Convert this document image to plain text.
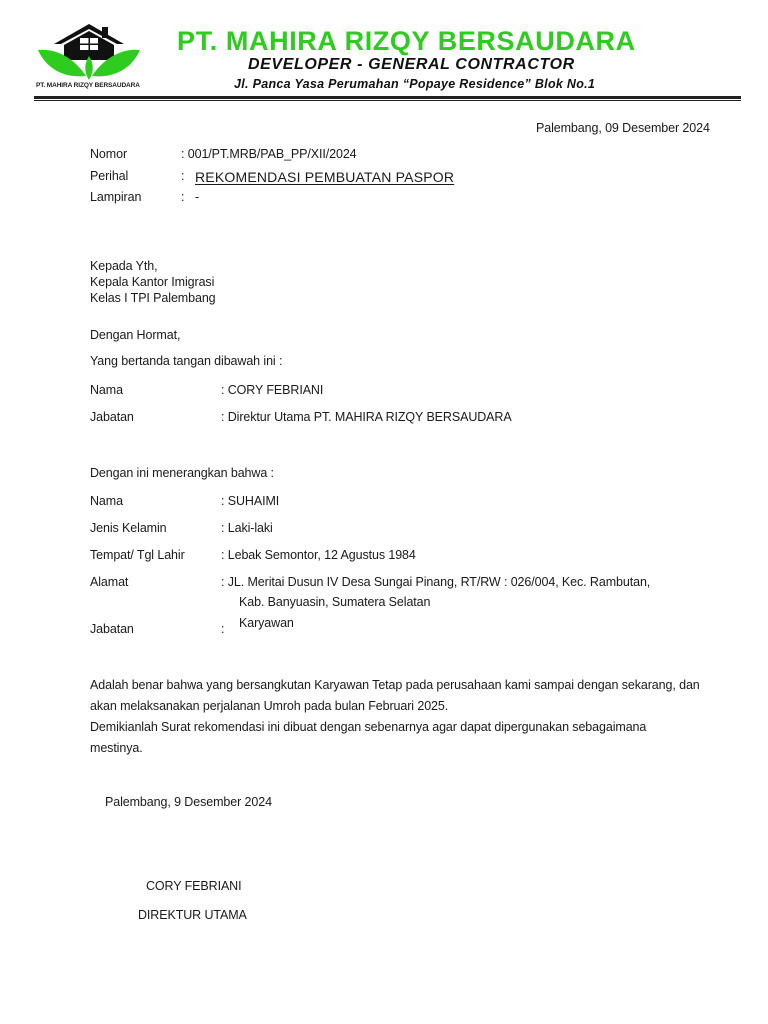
PT. MAHIRA RIZQY BERSAUDARA
PT. MAHIRA RIZQY BERSAUDARA
DEVELOPER - GENERAL CONTRACTOR
Jl. Panca Yasa Perumahan “Popaye Residence” Blok No.1
Palembang, 09 Desember 2024
Nomor	: 001/PT.MRB/PAB_PP/XII/2024
Perihal	: REKOMENDASI PEMBUATAN PASPOR
Lampiran	: -
Kepada Yth,
Kepala Kantor Imigrasi
Kelas I TPI Palembang
Dengan Hormat,
Yang bertanda tangan dibawah ini :
Nama	: CORY FEBRIANI
Jabatan	: Direktur Utama PT. MAHIRA RIZQY BERSAUDARA
Dengan ini menerangkan bahwa :
Nama	: SUHAIMI
Jenis Kelamin	: Laki-laki
Tempat/ Tgl Lahir	: Lebak Semontor, 12 Agustus 1984
Alamat	: JL. Meritai Dusun IV Desa Sungai Pinang, RT/RW : 026/004, Kec. Rambutan,
Kab. Banyuasin, Sumatera Selatan
Jabatan	: Karyawan
Adalah benar bahwa yang bersangkutan Karyawan Tetap pada perusahaan kami sampai dengan sekarang, dan
akan melaksanakan perjalanan Umroh pada bulan Februari 2025.
Demikianlah Surat rekomendasi ini dibuat dengan sebenarnya agar dapat dipergunakan sebagaimana
mestinya.
Palembang, 9 Desember 2024
CORY FEBRIANI
DIREKTUR UTAMA
